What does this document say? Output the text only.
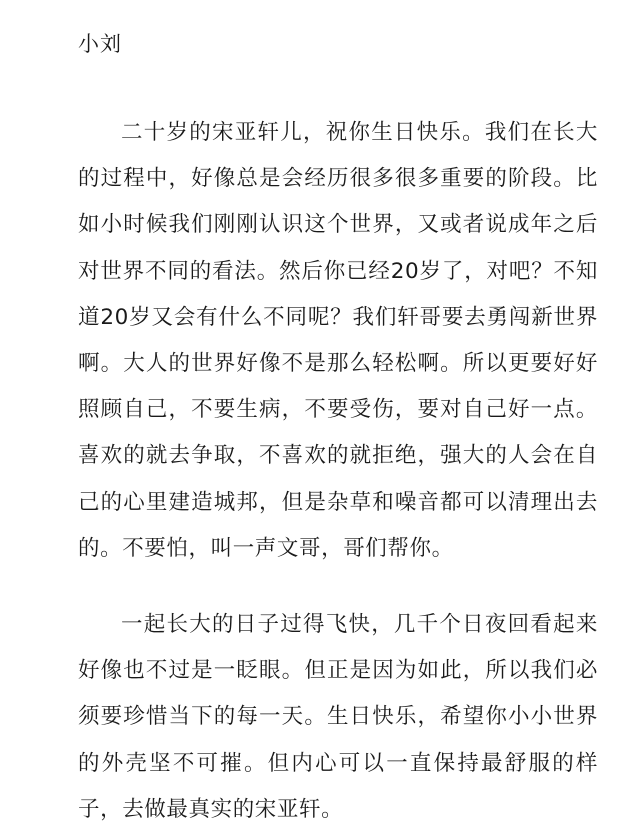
小刘

二十岁的宋亚轩儿，祝你生日快乐。我们在长大的过程中，好像总是会经历很多很多重要的阶段。比如小时候我们刚刚认识这个世界，又或者说成年之后对世界不同的看法。然后你已经20岁了，对吧？不知道20岁又会有什么不同呢？我们轩哥要去勇闯新世界啊。大人的世界好像不是那么轻松啊。所以更要好好照顾自己，不要生病，不要受伤，要对自己好一点。喜欢的就去争取，不喜欢的就拒绝，强大的人会在自己的心里建造城邦，但是杂草和噪音都可以清理出去的。不要怕，叫一声文哥，哥们帮你。

一起长大的日子过得飞快，几千个日夜回看起来好像也不过是一眨眼。但正是因为如此，所以我们必须要珍惜当下的每一天。生日快乐，希望你小小世界的外壳坚不可摧。但内心可以一直保持最舒服的样子，去做最真实的宋亚轩。
